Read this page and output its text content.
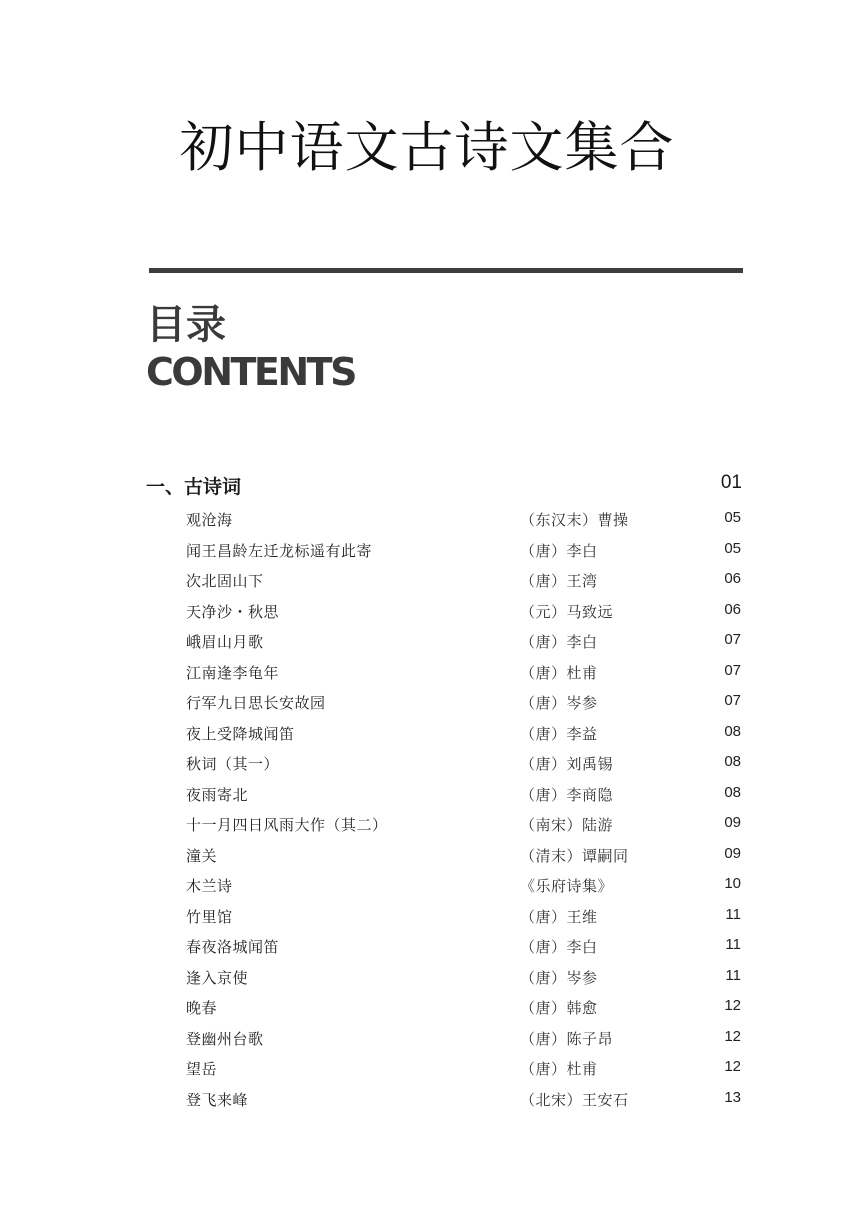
初中语文古诗文集合
目录
CONTENTS
一、古诗词	01
观沧海	（东汉末）曹操	05
闻王昌龄左迁龙标遥有此寄	（唐）李白	05
次北固山下	（唐）王湾	06
天净沙・秋思	（元）马致远	06
峨眉山月歌	（唐）李白	07
江南逢李龟年	（唐）杜甫	07
行军九日思长安故园	（唐）岑参	07
夜上受降城闻笛	（唐）李益	08
秋词（其一）	（唐）刘禹锡	08
夜雨寄北	（唐）李商隐	08
十一月四日风雨大作（其二）	（南宋）陆游	09
潼关	（清末）谭嗣同	09
木兰诗	《乐府诗集》	10
竹里馆	（唐）王维	11
春夜洛城闻笛	（唐）李白	11
逢入京使	（唐）岑参	11
晚春	（唐）韩愈	12
登幽州台歌	（唐）陈子昂	12
望岳	（唐）杜甫	12
登飞来峰	（北宋）王安石	13
